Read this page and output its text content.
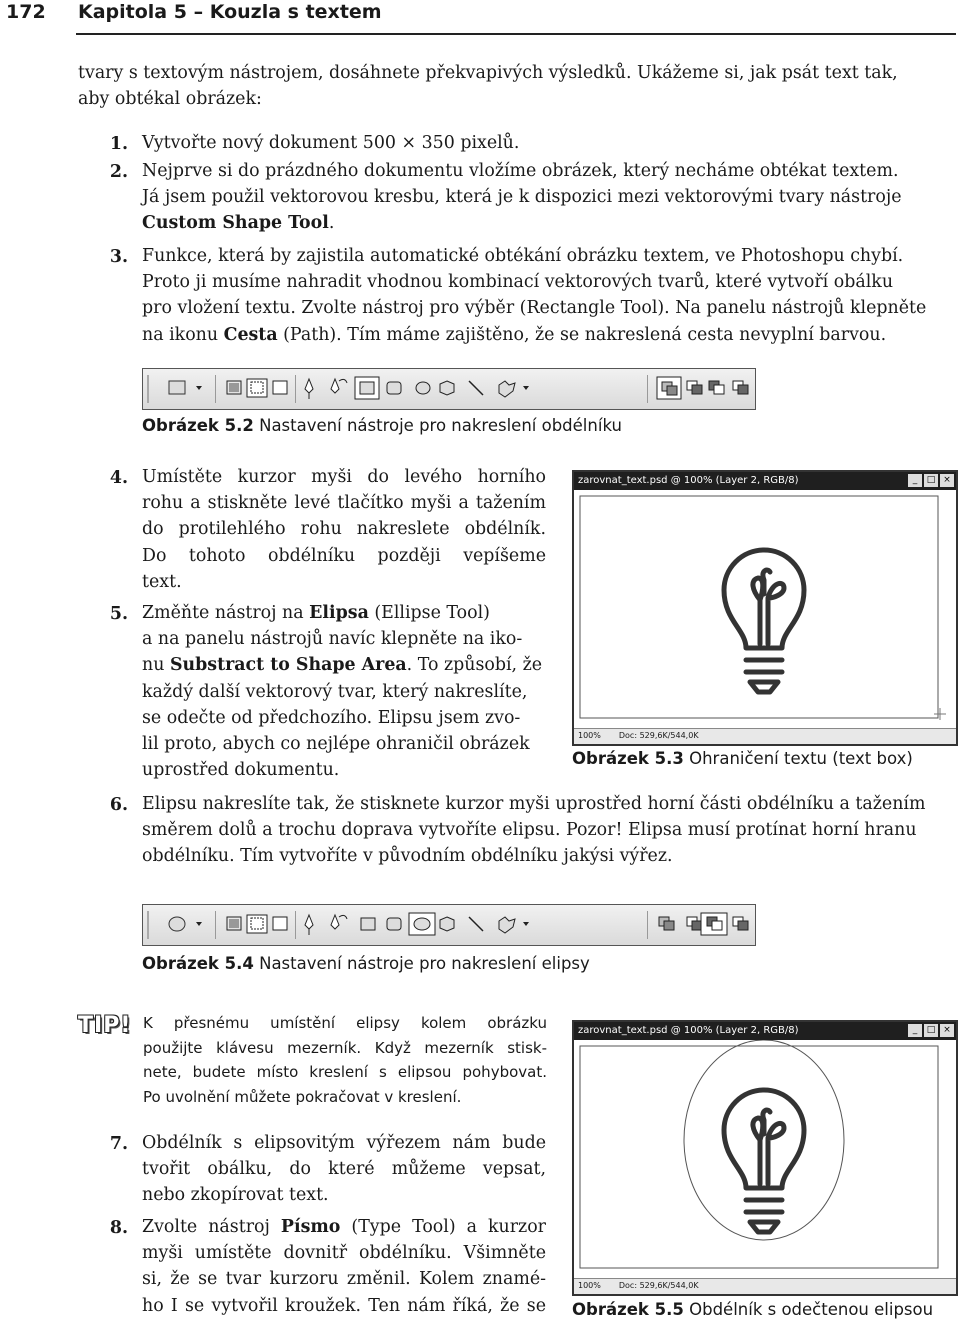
172 Kapitola 5 – Kouzla s textem
tvary s textovým nástrojem, dosáhnete překvapivých výsledků. Ukážeme si, jak psát text tak,
aby obtékal obrázek:
1. Vytvořte nový dokument 500 × 350 pixelů.
2. Nejprve si do prázdného dokumentu vložíme obrázek, který necháme obtékat textem.
Já jsem použil vektorovou kresbu, která je k dispozici mezi vektorovými tvary nástroje
Custom Shape Tool.
3. Funkce, která by zajistila automatické obtékání obrázku textem, ve Photoshopu chybí.
Proto ji musíme nahradit vhodnou kombinací vektorových tvarů, které vytvoří obálku
pro vložení textu. Zvolte nástroj pro výběr (Rectangle Tool). Na panelu nástrojů klepněte
na ikonu Cesta (Path). Tím máme zajištěno, že se nakreslená cesta nevyplní barvou.
Obrázek 5.2 Nastavení nástroje pro nakreslení obdélníku
4. Umístěte kurzor myši do levého horního
rohu a stiskněte levé tlačítko myši a tažením
do protilehlého rohu nakreslete obdélník.
Do tohoto obdélníku později vepíšeme
text.
5. Změňte nástroj na Elipsa (Ellipse Tool)
a na panelu nástrojů navíc klepněte na iko-
nu Substract to Shape Area. To způsobí, že
každý další vektorový tvar, který nakreslíte,
se odečte od předchozího. Elipsu jsem zvo-
lil proto, abych co nejlépe ohraničil obrázek
uprostřed dokumentu.
zarovnat_text.psd @ 100% (Layer 2, RGB/8)	_	□ ×
100% Doc: 529,6K/544,0K
Obrázek 5.3 Ohraničení textu (text box)
6. Elipsu nakreslíte tak, že stisknete kurzor myši uprostřed horní části obdélníku a tažením
směrem dolů a trochu doprava vytvoříte elipsu. Pozor! Elipsa musí protínat horní hranu
obdélníku. Tím vytvoříte v původním obdélníku jakýsi výřez.
Obrázek 5.4 Nastavení nástroje pro nakreslení elipsy
TIP! K přesnému umístění elipsy kolem obrázku
použijte klávesu mezerník. Když mezerník stisk-
nete, budete místo kreslení s elipsou pohybovat.
Po uvolnění můžete pokračovat v kreslení.
7. Obdélník s elipsovitým výřezem nám bude
tvořit obálku, do které můžeme vepsat,
nebo zkopírovat text.
8. Zvolte nástroj Písmo (Type Tool) a kurzor
myši umístěte dovnitř obdélníku. Všimněte
si, že se tvar kurzoru změnil. Kolem znamé-
ho I se vytvořil kroužek. Ten nám říká, že se
zarovnat_text.psd @ 100% (Layer 2, RGB/8)	_	□ ×
100% Doc: 529,6K/544,0K
Obrázek 5.5 Obdélník s odečtenou elipsou
